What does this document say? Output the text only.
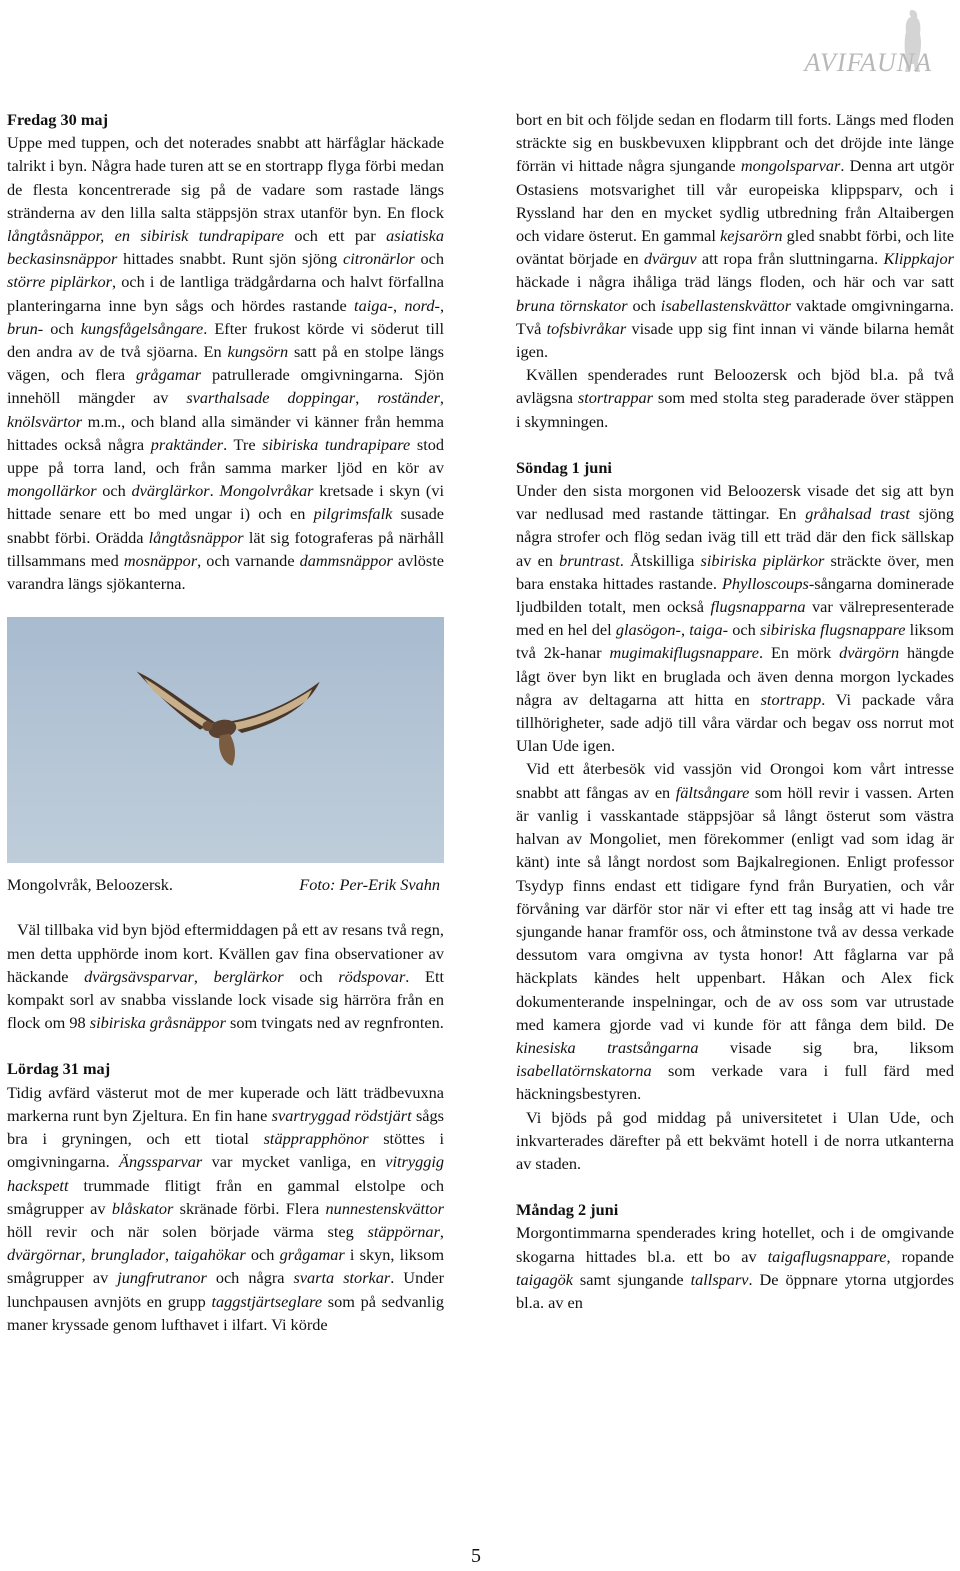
AVIFAUNA

Fredag 30 maj

Uppe med tuppen, och det noterades snabbt att härfåglar häckade talrikt i byn. Några hade turen att se en stortrapp flyga förbi medan de flesta koncentrerade sig på de vadare som rastade längs stränderna av den lilla salta stäppsjön strax utanför byn. En flock långtåsnäppor, en sibirisk tundrapipare och ett par asiatiska beckasinsnäppor hittades snabbt. Runt sjön sjöng citronärlor och större piplärkor, och i de lantliga trädgårdarna och halvt förfallna planteringarna inne byn sågs och hördes rastande taiga-, nord-, brun- och kungsfågelsångare. Efter frukost körde vi söderut till den andra av de två sjöarna. En kungsörn satt på en stolpe längs vägen, och flera grågamar patrullerade omgivningarna. Sjön innehöll mängder av svarthalsade doppingar, roständer, knölsvärtor m.m., och bland alla simänder vi känner från hemma hittades också några praktänder. Tre sibiriska tundrapipare stod uppe på torra land, och från samma marker ljöd en kör av mongollärkor och dvärglärkor. Mongolvråkar kretsade i skyn (vi hittade senare ett bo med ungar i) och en pilgrimsfalk susade snabbt förbi. Orädda långtåsnäppor lät sig fotograferas på närhåll tillsammans med mosnäppor, och varnande dammsnäppor avlöste varandra längs sjökanterna.

Mongolvråk, Beloozersk.	Foto: Per-Erik Svahn

Väl tillbaka vid byn bjöd eftermiddagen på ett av resans två regn, men detta upphörde inom kort. Kvällen gav fina observationer av häckande dvärgsävsparvar, berglärkor och rödspovar. Ett kompakt sorl av snabba visslande lock visade sig härröra från en flock om 98 sibiriska gråsnäppor som tvingats ned av regnfronten.

Lördag 31 maj

Tidig avfärd västerut mot de mer kuperade och lätt trädbevuxna markerna runt byn Zjeltura. En fin hane svartryggad rödstjärt sågs bra i gryningen, och ett tiotal stäpprapphönor stöttes i omgivningarna. Ängssparvar var mycket vanliga, en vitryggig hackspett trummade flitigt från en gammal elstolpe och smågrupper av blåskator skränade förbi. Flera nunnestenskvättor höll revir och när solen började värma steg stäppörnar, dvärgörnar, brunglador, taigahökar och grågamar i skyn, liksom smågrupper av jungfrutranor och några svarta storkar. Under lunchpausen avnjöts en grupp taggstjärtseglare som på sedvanlig maner kryssade genom lufthavet i ilfart. Vi körde

bort en bit och följde sedan en flodarm till forts. Längs med floden sträckte sig en buskbevuxen klippbrant och det dröjde inte länge förrän vi hittade några sjungande mongolsparvar. Denna art utgör Ostasiens motsvarighet till vår europeiska klippsparv, och i Ryssland har den en mycket sydlig utbredning från Altaibergen och vidare österut. En gammal kejsarörn gled snabbt förbi, och lite oväntat började en dvärguv att ropa från sluttningarna. Klippkajor häckade i några ihåliga träd längs floden, och här och var satt bruna törnskator och isabellastenskvättor vaktade omgivningarna. Två tofsbivråkar visade upp sig fint innan vi vände bilarna hemåt igen.

Kvällen spenderades runt Beloozersk och bjöd bl.a. på två avlägsna stortrappar som med stolta steg paraderade över stäppen i skymningen.

Söndag 1 juni

Under den sista morgonen vid Beloozersk visade det sig att byn var nedlusad med rastande tättingar. En gråhalsad trast sjöng några strofer och flög sedan iväg till ett träd där den fick sällskap av en bruntrast. Åtskilliga sibiriska piplärkor sträckte över, men bara enstaka hittades rastande. Phylloscoups-sångarna dominerade ljudbilden totalt, men också flugsnapparna var välrepresenterade med en hel del glasögon-, taiga- och sibiriska flugsnappare liksom två 2k-hanar mugimakiflugsnappare. En mörk dvärgörn hängde lågt över byn likt en bruglada och även denna morgon lyckades några av deltagarna att hitta en stortrapp. Vi packade våra tillhörigheter, sade adjö till våra värdar och begav oss norrut mot Ulan Ude igen.

Vid ett återbesök vid vassjön vid Orongoi kom vårt intresse snabbt att fångas av en fältsångare som höll revir i vassen. Arten är vanlig i vasskantade stäppsjöar så långt österut som västra halvan av Mongoliet, men förekommer (enligt vad som idag är känt) inte så långt nordost som Bajkalregionen. Enligt professor Tsydyp finns endast ett tidigare fynd från Buryatien, och vår förvåning var därför stor när vi efter ett tag insåg att vi hade tre sjungande hanar framför oss, och åtminstone två av dessa verkade dessutom vara omgivna av tysta honor! Att fåglarna var på häckplats kändes helt uppenbart. Håkan och Alex fick dokumenterande inspelningar, och de av oss som var utrustade med kamera gjorde vad vi kunde för att fånga dem bild. De kinesiska trastsångarna visade sig bra, liksom isabellatörnskatorna som verkade vara i full färd med häckningsbestyren.

Vi bjöds på god middag på universitetet i Ulan Ude, och inkvarterades därefter på ett bekvämt hotell i de norra utkanterna av staden.

Måndag 2 juni

Morgontimmarna spenderades kring hotellet, och i de omgivande skogarna hittades bl.a. ett bo av taigaflugsnappare, ropande taigagök samt sjungande tallsparv. De öppnare ytorna utgjordes bl.a. av en

5
